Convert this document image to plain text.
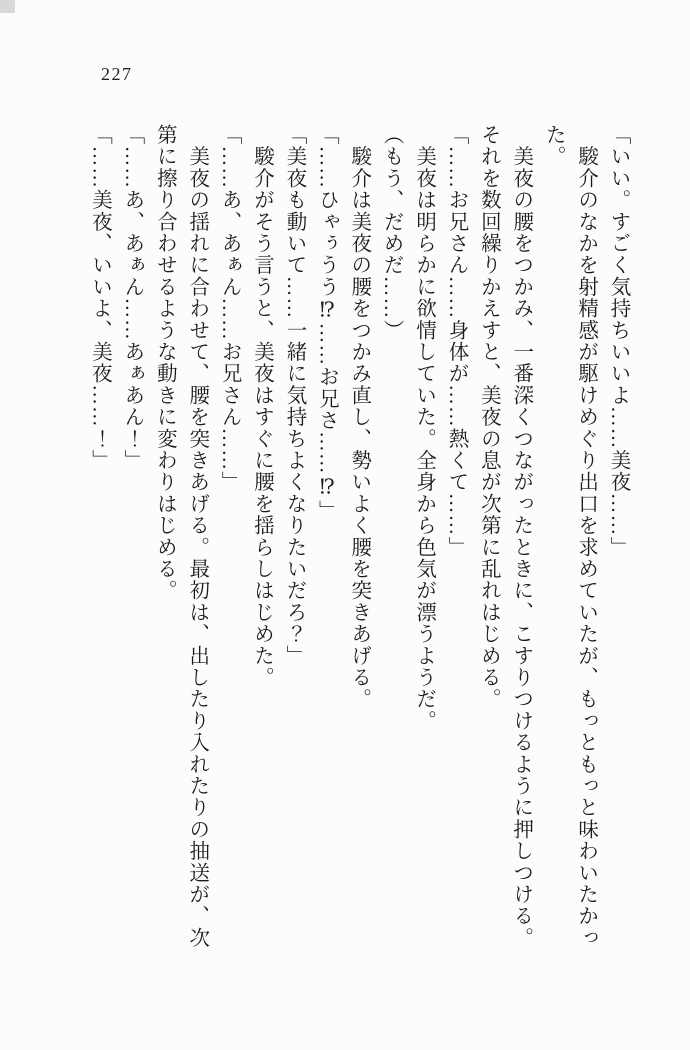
227

「いい。すごく気持ちいいよ……美夜……」

　駿介のなかを射精感が駆けめぐり出口を求めていたが、もっともっと味わいたかっ

た。

　美夜の腰をつかみ、一番深くつながったときに、こすりつけるように押しつける。

それを数回繰りかえすと、美夜の息が次第に乱れはじめる。

「……お兄さん……身体が……熱くて……」

　美夜は明らかに欲情していた。全身から色気が漂うようだ。

（もう、だめだ……）

　駿介は美夜の腰をつかみ直し、勢いよく腰を突きあげる。

「……ひゃぅうう⁉……お兄さ……⁉」

「美夜も動いて……一緒に気持ちよくなりたいだろ？」

　駿介がそう言うと、美夜はすぐに腰を揺らしはじめた。

「……あ、あぁん……お兄さん……」

　美夜の揺れに合わせて、腰を突きあげる。最初は、出したり入れたりの抽送が、次

第に擦り合わせるような動きに変わりはじめる。

「……あ、あぁん……あぁあん！」

「……美夜、いいよ、美夜……！」
